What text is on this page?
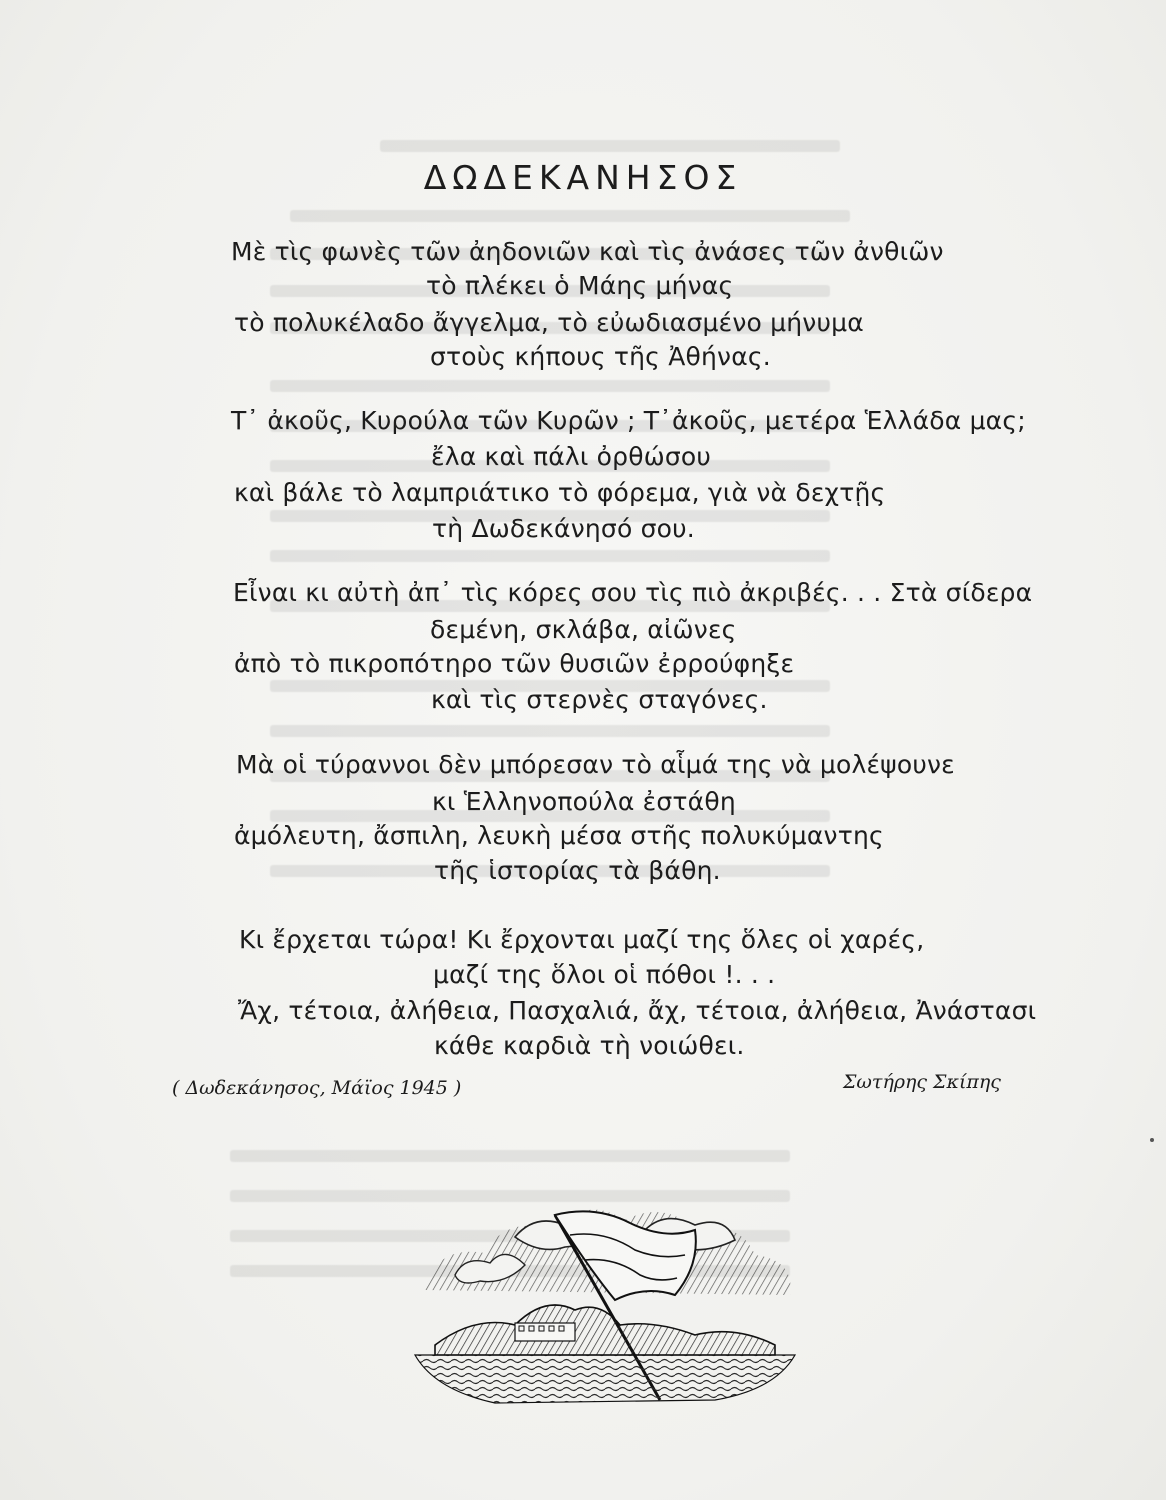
ΔΩΔΕΚΑΝΗΣΟΣ
Μὲ τὶς φωνὲς τῶν ἀηδονιῶν καὶ τὶς ἀνάσες τῶν ἀνθιῶν
τὸ πλέκει ὁ Μάης μήνας
τὸ πολυκέλαδο ἄγγελμα, τὸ εὐωδιασμένο μήνυμα
στοὺς κήπους τῆς Ἀθήνας.
Τ᾽ ἀκοῦς, Κυρούλα τῶν Κυρῶν ; Τ᾽ἀκοῦς, μετέρα Ἑλλάδα μας;
ἔλα καὶ πάλι ὀρθώσου
καὶ βάλε τὸ λαμπριάτικο τὸ φόρεμα, γιὰ νὰ δεχτῇς
τὴ Δωδεκάνησό σου.
Εἶναι κι αὐτὴ ἀπ᾽ τὶς κόρες σου τὶς πιὸ ἀκριβές. . . Στὰ σίδερα
δεμένη, σκλάβα, αἰῶνες
ἀπὸ τὸ πικροπότηρο τῶν θυσιῶν ἐρρούφηξε
καὶ τὶς στερνὲς σταγόνες.
Μὰ οἱ τύραννοι δὲν μπόρεσαν τὸ αἷμά της νὰ μολέψουνε
κι Ἑλληνοπούλα ἐστάθη
ἀμόλευτη, ἄσπιλη, λευκὴ μέσα στῆς πολυκύμαντης
τῆς ἱστορίας τὰ βάθη.
Κι ἔρχεται τώρα! Κι ἔρχονται μαζί της ὅλες οἱ χαρές,
μαζί της ὅλοι οἱ πόθοι !. . .
Ἄχ, τέτοια, ἀλήθεια, Πασχαλιά, ἄχ, τέτοια, ἀλήθεια, Ἀνάστασι
κάθε καρδιὰ τὴ νοιώθει.
( Δωδεκάνησος, Μάϊος 1945 )	Σωτήρης Σκίπης
